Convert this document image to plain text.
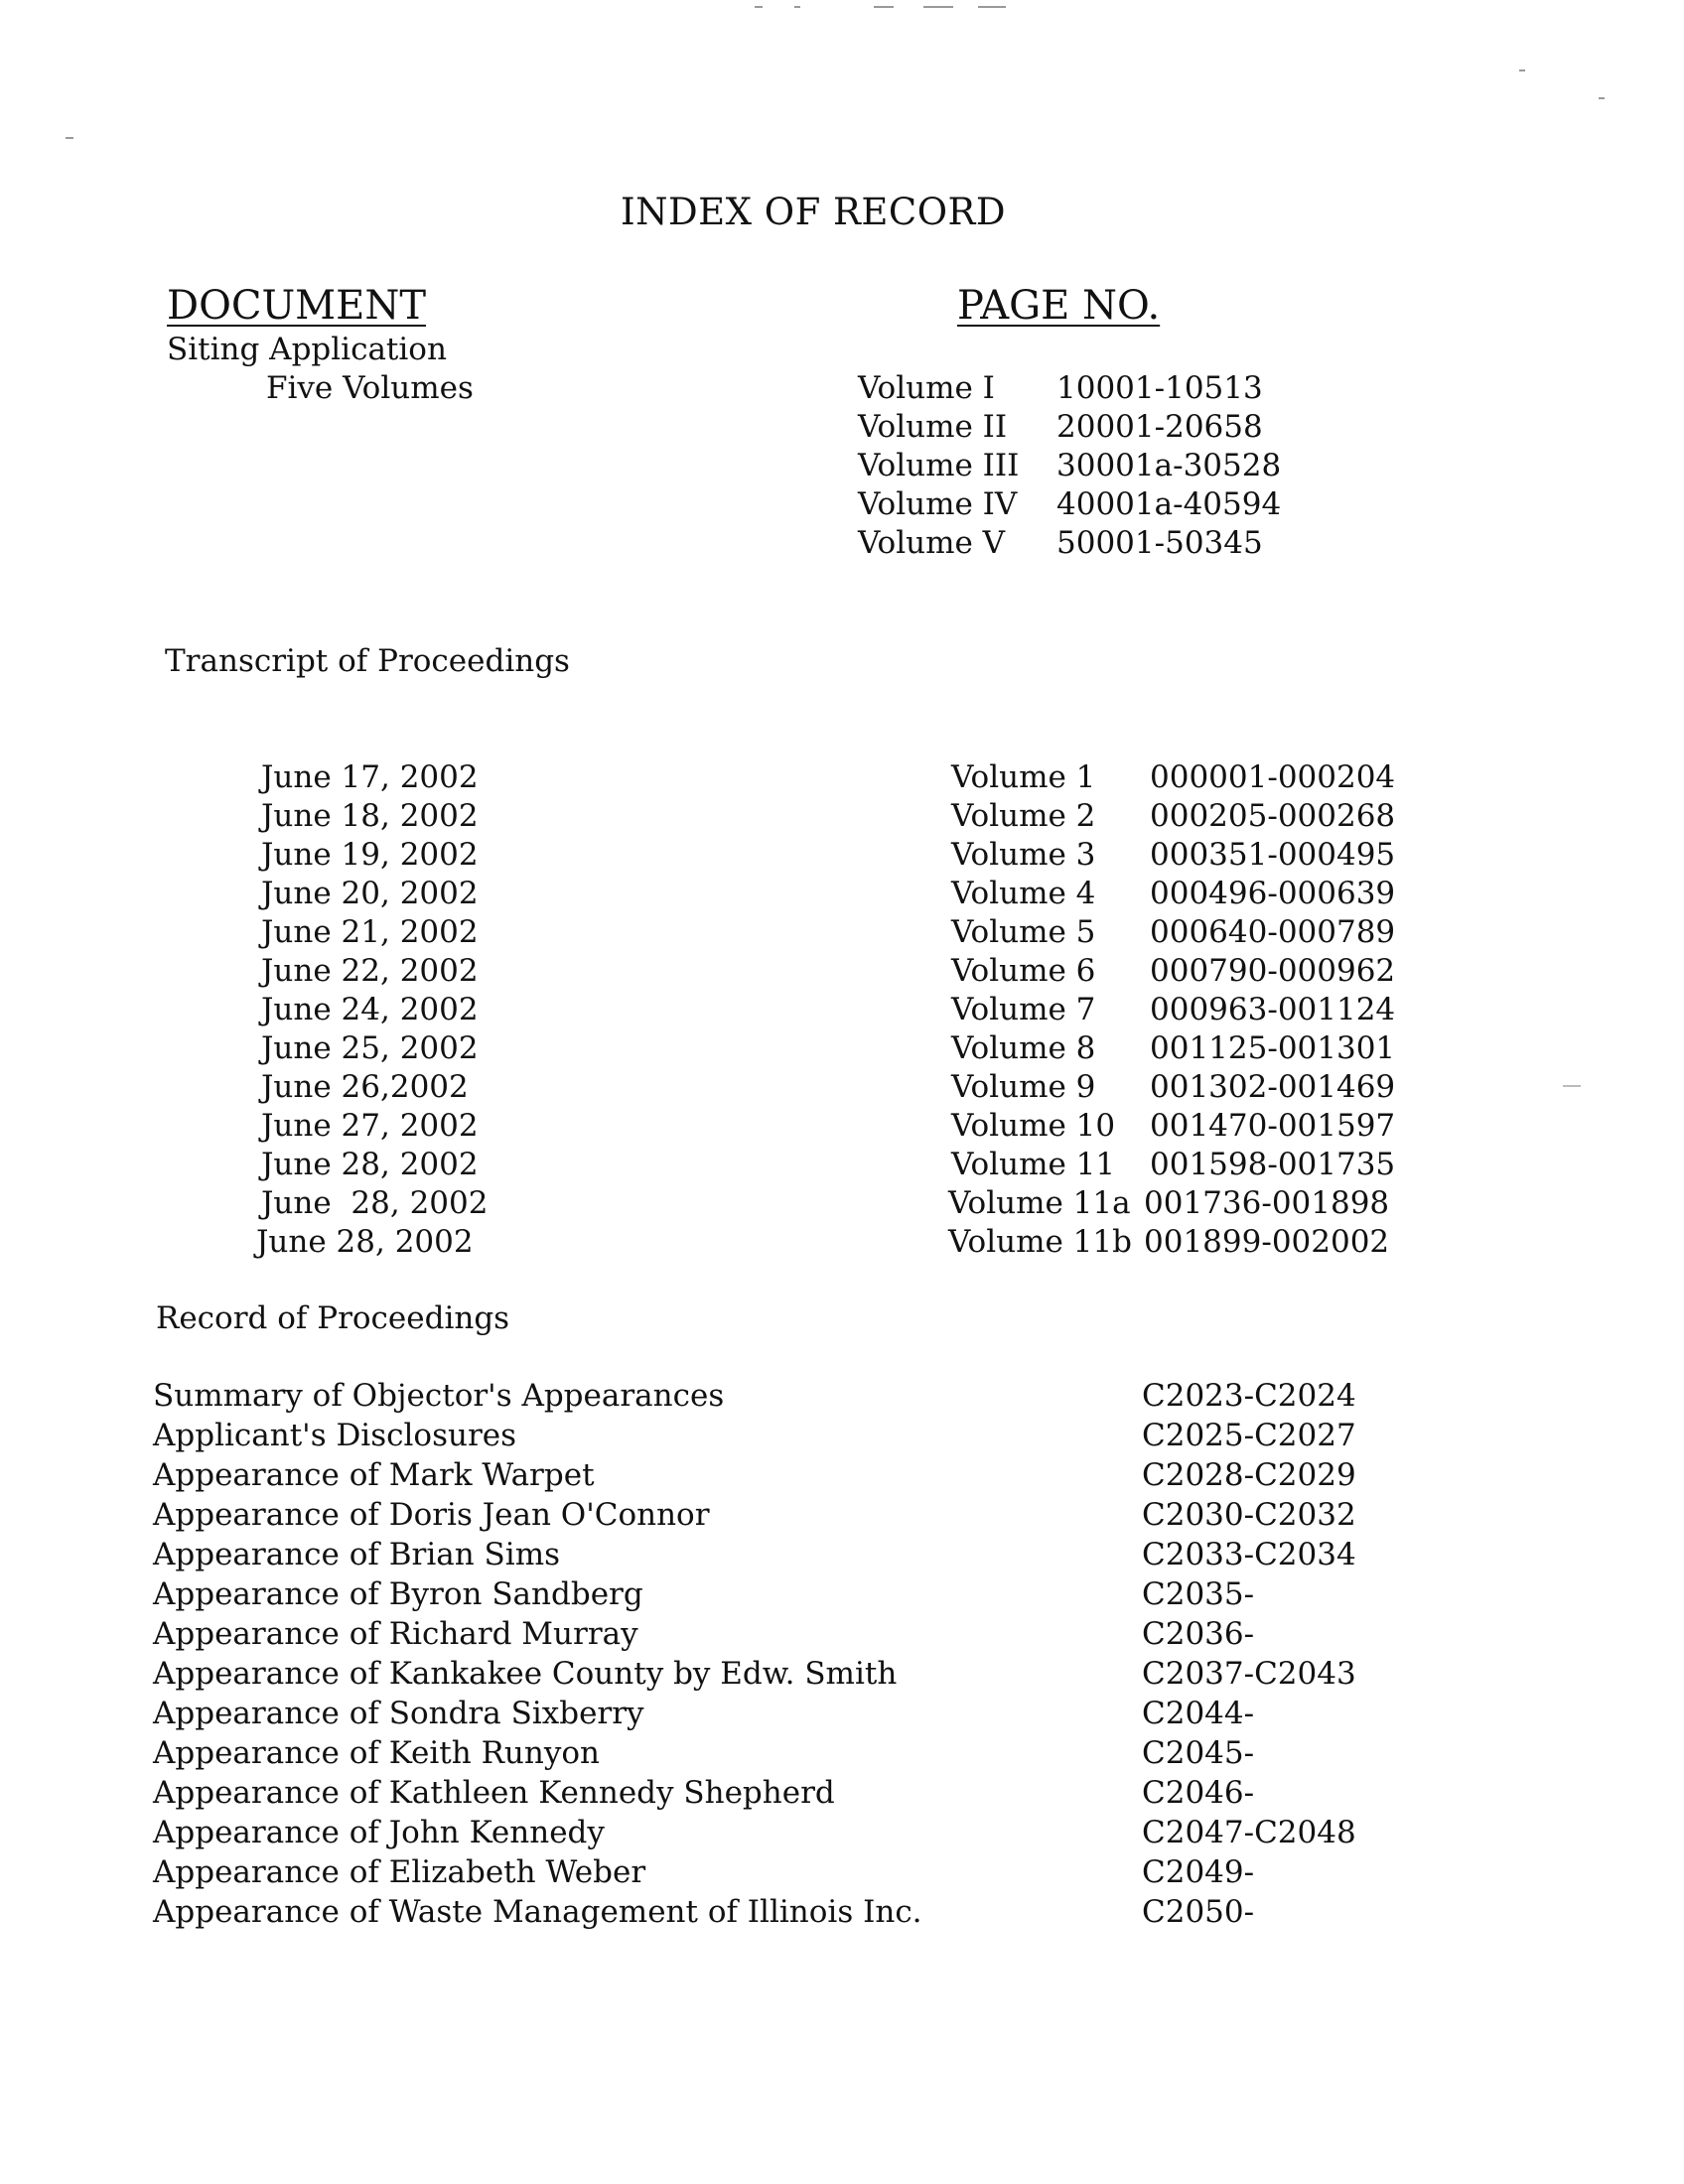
INDEX OF RECORD
DOCUMENT	PAGE NO.
Siting Application
Five Volumes	Volume I 10001-10513
Volume II 20001-20658
Volume III 30001a-30528
Volume IV 40001a-40594
Volume V 50001-50345
Transcript of Proceedings
June 17, 2002	Volume 1 000001-000204
June 18, 2002	Volume 2 000205-000268
June 19, 2002	Volume 3 000351-000495
June 20, 2002	Volume 4 000496-000639
June 21, 2002	Volume 5 000640-000789
June 22, 2002	Volume 6 000790-000962
June 24, 2002	Volume 7 000963-001124
June 25, 2002	Volume 8 001125-001301
June 26,2002	Volume 9 001302-001469
June 27, 2002	Volume 10 001470-001597
June 28, 2002	Volume 11 001598-001735
June  28, 2002	Volume 11a 001736-001898
June 28, 2002	Volume 11b 001899-002002
Record of Proceedings
Summary of Objector's Appearances	C2023-C2024
Applicant's Disclosures	C2025-C2027
Appearance of Mark Warpet	C2028-C2029
Appearance of Doris Jean O'Connor	C2030-C2032
Appearance of Brian Sims	C2033-C2034
Appearance of Byron Sandberg	C2035-
Appearance of Richard Murray	C2036-
Appearance of Kankakee County by Edw. Smith	C2037-C2043
Appearance of Sondra Sixberry	C2044-
Appearance of Keith Runyon	C2045-
Appearance of Kathleen Kennedy Shepherd	C2046-
Appearance of John Kennedy	C2047-C2048
Appearance of Elizabeth Weber	C2049-
Appearance of Waste Management of Illinois Inc.	C2050-
